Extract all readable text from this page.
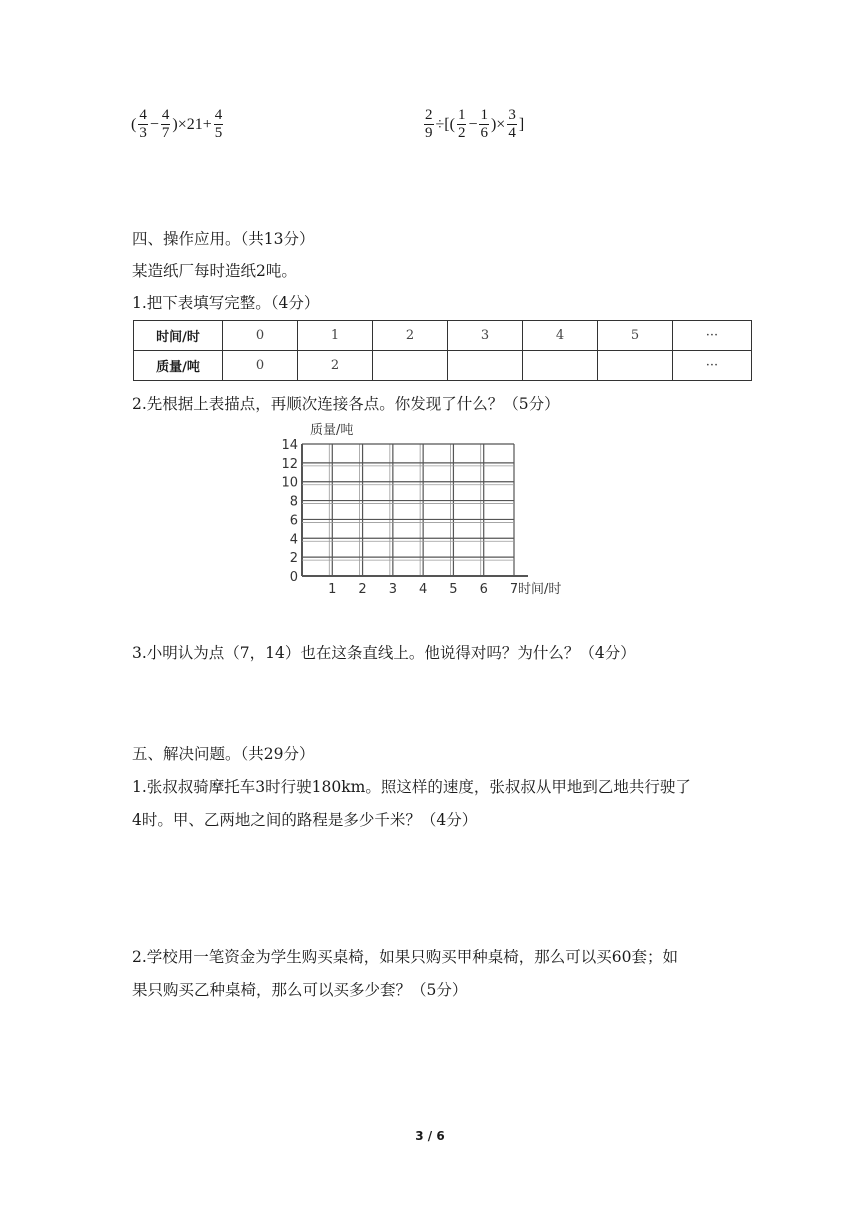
( $\frac{4}{3} - \frac{4}{7} )\times 21+ \frac{4}{5}$	$\frac{2}{9}$ ÷[( $\frac{1}{2} - \frac{1}{6}$ )× $\frac{3}{4}$ ]
四、操作应用。（共13分）
某造纸厂每时造纸2吨。
1.把下表填写完整。（4分）
时间/时	0	1	2	3	4	5	···
质量/吨	0	2					···
2.先根据上表描点，再顺次连接各点。你发现了什么？（5分）
0
2
4
6
8
10
12
14
1 2 3 4 5 6 7
质量/吨
时间/时
3.小明认为点（7，14）也在这条直线上。他说得对吗？为什么？（4分）
五、解决问题。（共29分）
1.张叔叔骑摩托车3时行驶180km。照这样的速度，张叔叔从甲地到乙地共行驶了
4时。甲、乙两地之间的路程是多少千米？（4分）
2.学校用一笔资金为学生购买桌椅，如果只购买甲种桌椅，那么可以买60套；如
果只购买乙种桌椅，那么可以买多少套？（5分）
3 / 6
